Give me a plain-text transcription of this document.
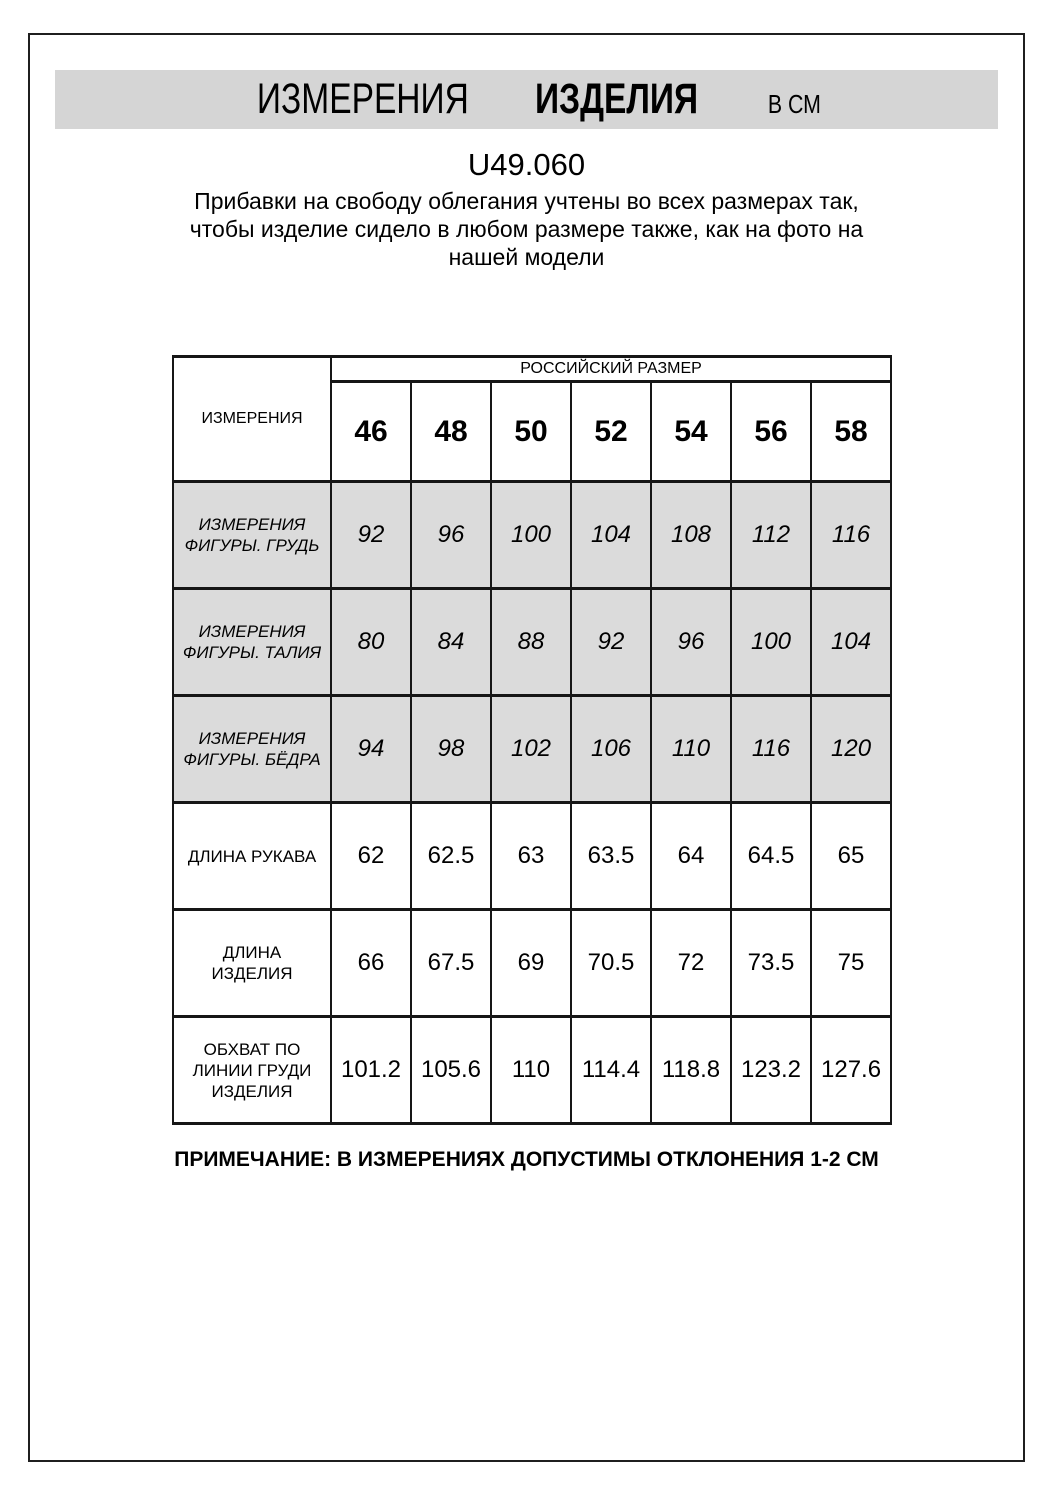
ИЗМЕРЕНИЯ ИЗДЕЛИЯ	В СМ
U49.060
Прибавки на свободу облегания учтены во всех размерах так,
чтобы изделие сидело в любом размере также, как на фото на
нашей модели
ИЗМЕРЕНИЯ	РОССИЙСКИЙ РАЗМЕР						
	46	48	50	52	54	56	58
ИЗМЕРЕНИЯ ФИГУРЫ. ГРУДЬ	92	96	100	104	108	112	116
ИЗМЕРЕНИЯ ФИГУРЫ. ТАЛИЯ	80	84	88	92	96	100	104
ИЗМЕРЕНИЯ ФИГУРЫ. БЁДРА	94	98	102	106	110	116	120
ДЛИНА РУКАВА	62	62.5	63	63.5	64	64.5	65
ДЛИНА ИЗДЕЛИЯ	66	67.5	69	70.5	72	73.5	75
ОБХВАТ ПО ЛИНИИ ГРУДИ ИЗДЕЛИЯ	101.2	105.6	110	114.4	118.8	123.2	127.6
ПРИМЕЧАНИЕ: В ИЗМЕРЕНИЯХ ДОПУСТИМЫ ОТКЛОНЕНИЯ 1-2 СМ
